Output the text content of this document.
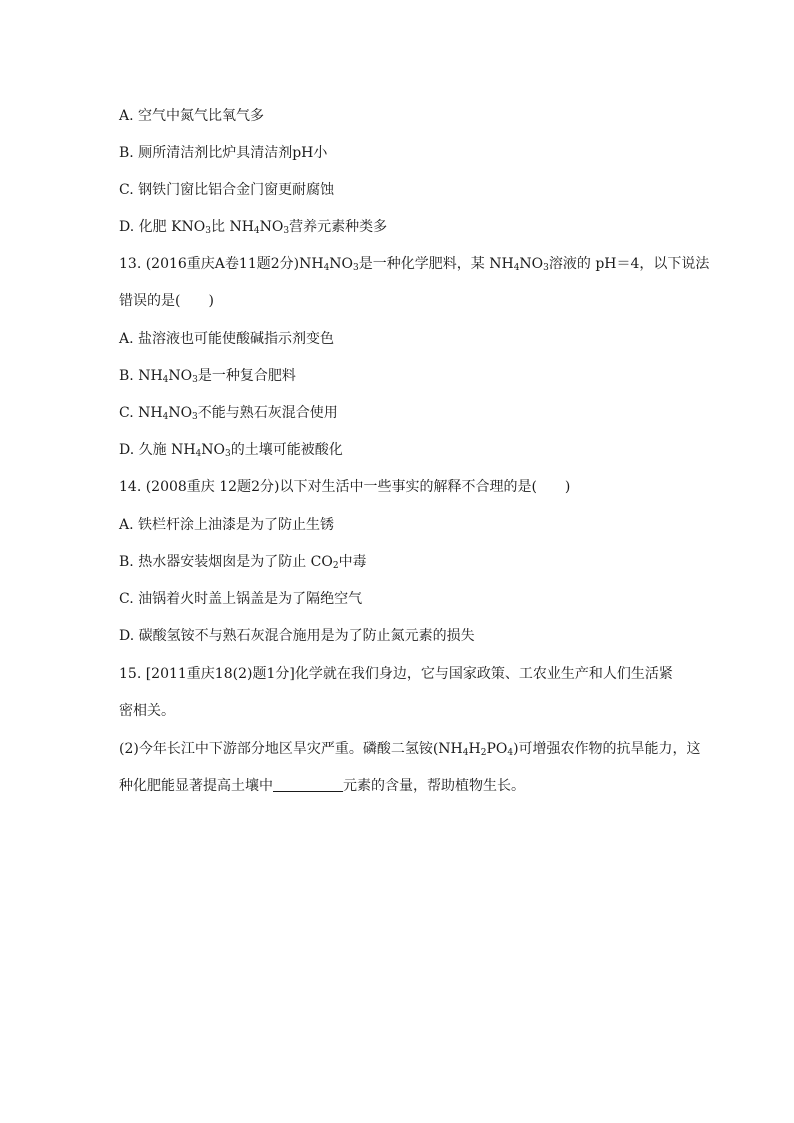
A. 空气中氮气比氧气多
B. 厕所清洁剂比炉具清洁剂pH小
C. 钢铁门窗比铝合金门窗更耐腐蚀
D. 化肥 $KNO_3$比 $NH_4NO_3$营养元素种类多
13. (2016重庆A卷11题2分)$NH_4NO_3$是一种化学肥料，某 $NH_4NO_3$溶液的 pH＝4，以下说法
错误的是(　　)
A. 盐溶液也可能使酸碱指示剂变色
B. $NH_4NO_3$是一种复合肥料
C. $NH_4NO_3$不能与熟石灰混合使用
D. 久施 $NH_4NO_3$的土壤可能被酸化
14. (2008重庆 12题2分)以下对生活中一些事实的解释不合理的是(　　)
A. 铁栏杆涂上油漆是为了防止生锈
B. 热水器安装烟囱是为了防止 $CO_2$中毒
C. 油锅着火时盖上锅盖是为了隔绝空气
D. 碳酸氢铵不与熟石灰混合施用是为了防止氮元素的损失
15. [2011重庆18(2)题1分]化学就在我们身边，它与国家政策、工农业生产和人们生活紧
密相关。
(2)今年长江中下游部分地区旱灾严重。磷酸二氢铵$(NH_4H_2PO_4)$可增强农作物的抗旱能力，这
种化肥能显著提高土壤中	元素的含量，帮助植物生长。
